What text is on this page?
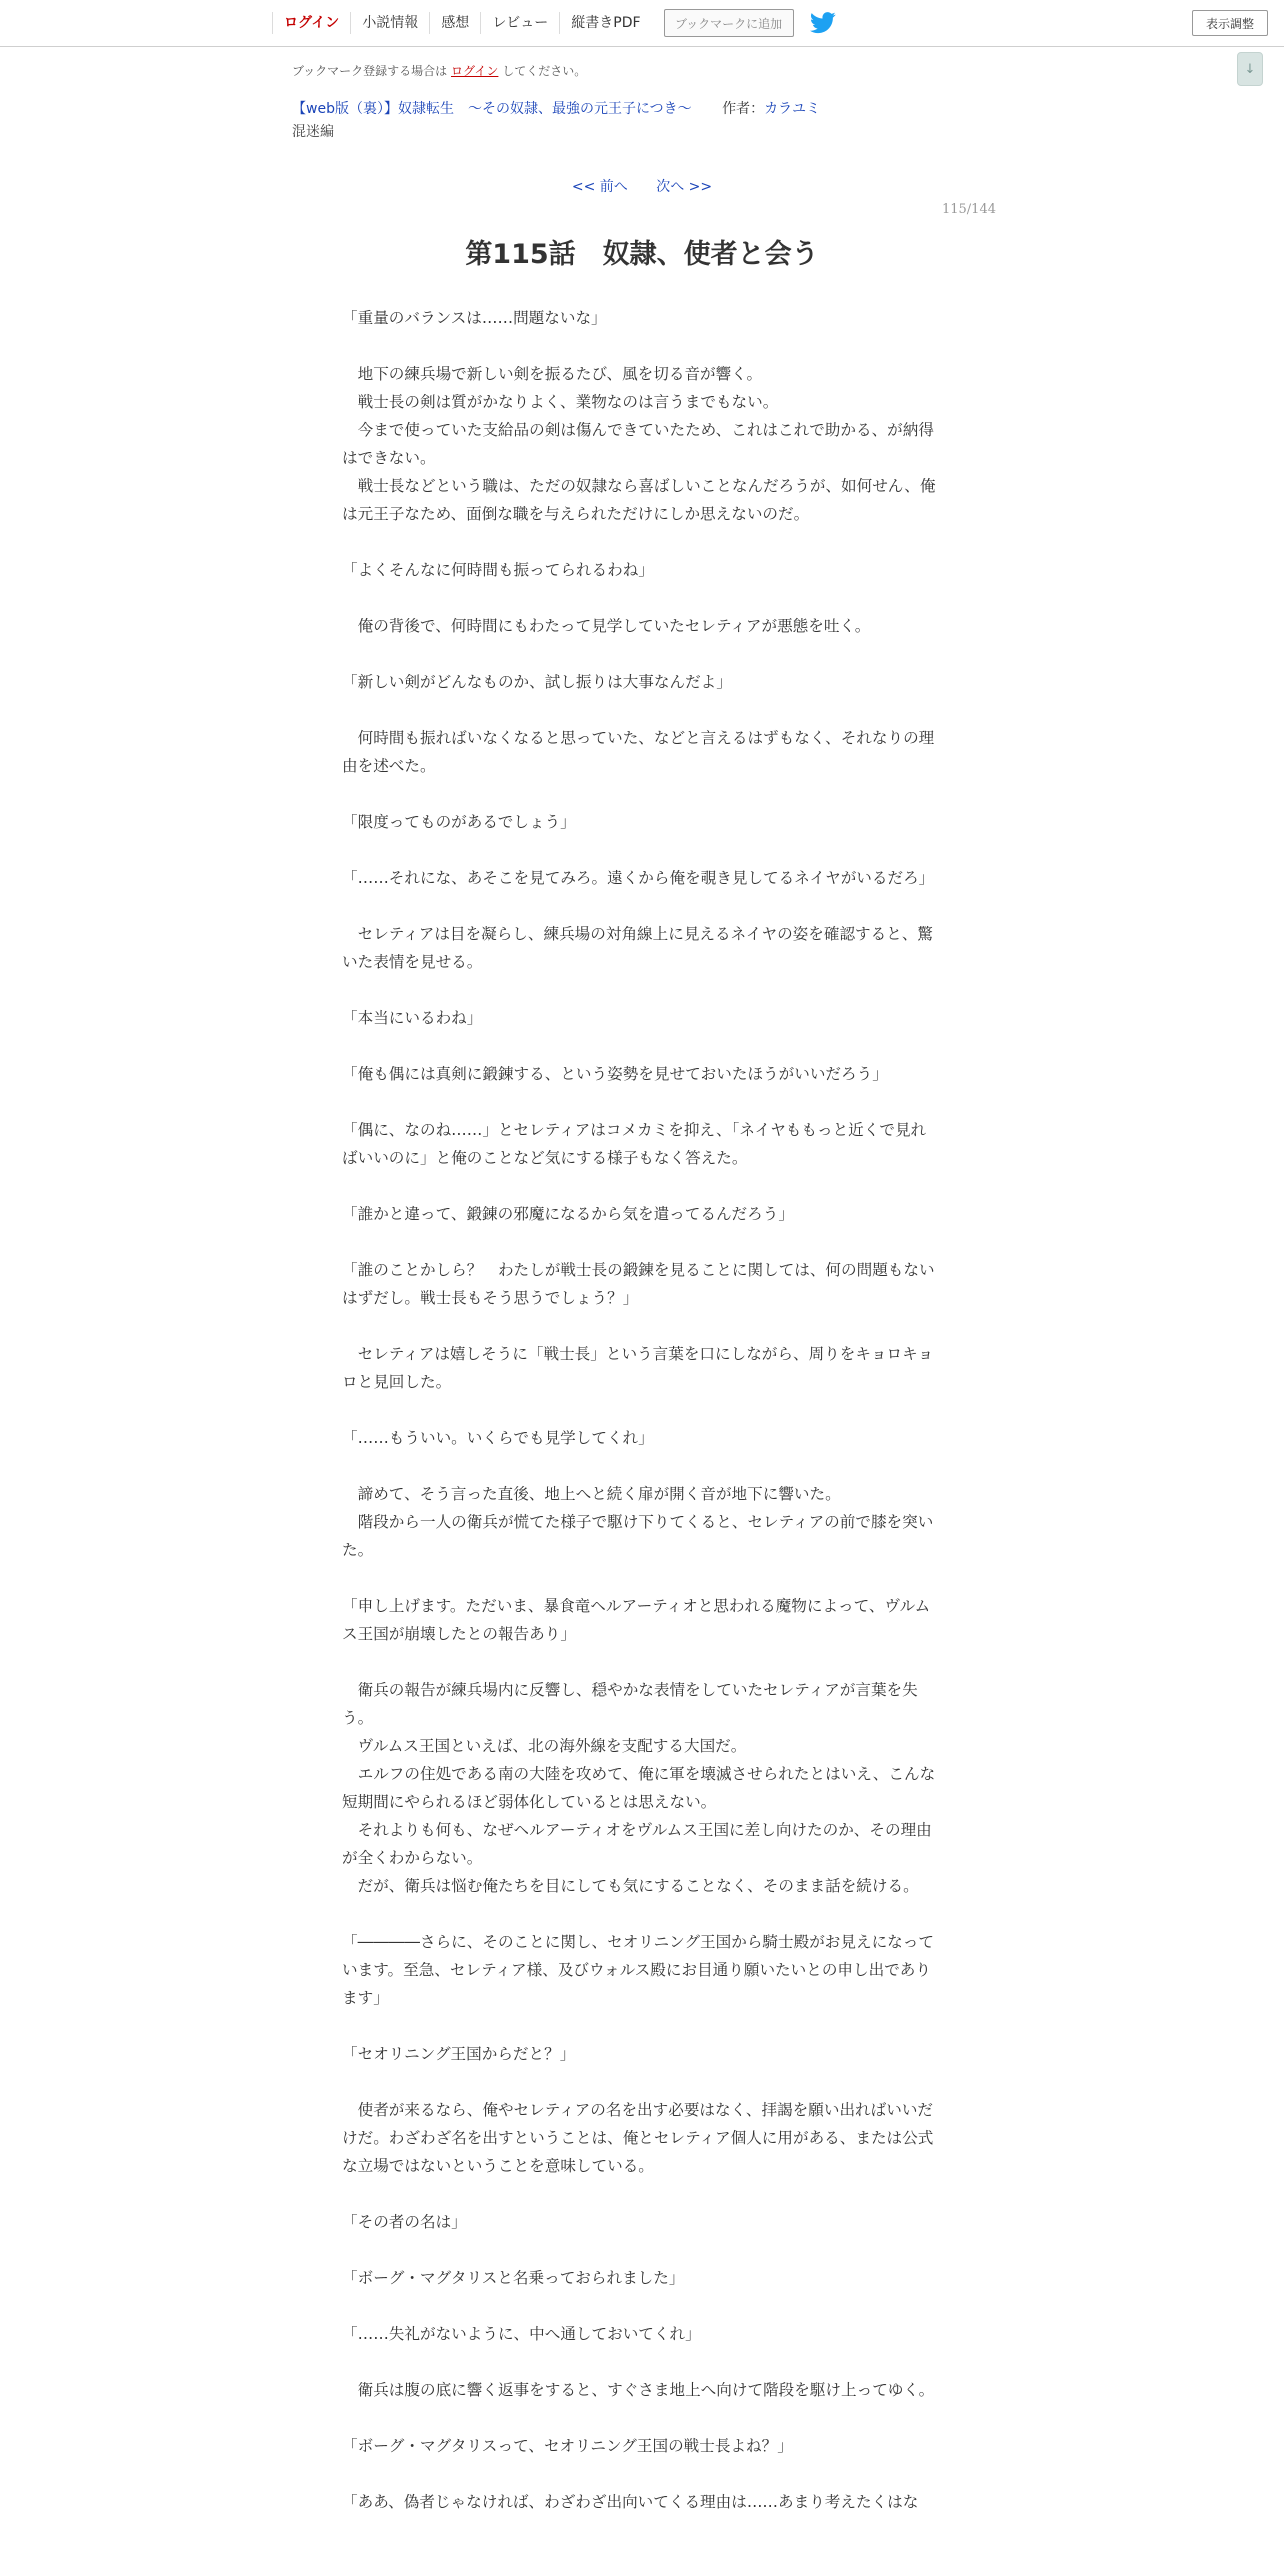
ログイン	小説情報	感想	レビュー	縦書きPDF	ブックマークに追加	表示調整
↓
ブックマーク登録する場合は ログイン してください。
【web版（裏）】奴隷転生　～その奴隷、最強の元王子につき～ 作者：カラユミ
混迷編
<< 前へ 次へ >>
115/144
第115話　奴隷、使者と会う

「重量のバランスは……問題ないな」

　地下の練兵場で新しい剣を振るたび、風を切る音が響く。

　戦士長の剣は質がかなりよく、業物なのは言うまでもない。

　今まで使っていた支給品の剣は傷んできていたため、これはこれで助かる、が納得はできない。

　戦士長などという職は、ただの奴隷なら喜ばしいことなんだろうが、如何せん、俺は元王子なため、面倒な職を与えられただけにしか思えないのだ。

「よくそんなに何時間も振ってられるわね」

　俺の背後で、何時間にもわたって見学していたセレティアが悪態を吐く。

「新しい剣がどんなものか、試し振りは大事なんだよ」

　何時間も振ればいなくなると思っていた、などと言えるはずもなく、それなりの理由を述べた。

「限度ってものがあるでしょう」

「……それにな、あそこを見てみろ。遠くから俺を覗き見してるネイヤがいるだろ」

　セレティアは目を凝らし、練兵場の対角線上に見えるネイヤの姿を確認すると、驚いた表情を見せる。

「本当にいるわね」

「俺も偶には真剣に鍛錬する、という姿勢を見せておいたほうがいいだろう」

「偶に、なのね……」とセレティアはコメカミを抑え、「ネイヤももっと近くで見ればいいのに」と俺のことなど気にする様子もなく答えた。

「誰かと違って、鍛錬の邪魔になるから気を遣ってるんだろう」

「誰のことかしら？　わたしが戦士長の鍛錬を見ることに関しては、何の問題もないはずだし。戦士長もそう思うでしょう？」

　セレティアは嬉しそうに「戦士長」という言葉を口にしながら、周りをキョロキョロと見回した。

「……もういい。いくらでも見学してくれ」

　諦めて、そう言った直後、地上へと続く扉が開く音が地下に響いた。

　階段から一人の衛兵が慌てた様子で駆け下りてくると、セレティアの前で膝を突いた。

「申し上げます。ただいま、暴食竜ヘルアーティオと思われる魔物によって、ヴルムス王国が崩壊したとの報告あり」

　衛兵の報告が練兵場内に反響し、穏やかな表情をしていたセレティアが言葉を失う。

　ヴルムス王国といえば、北の海外線を支配する大国だ。

　エルフの住処である南の大陸を攻めて、俺に軍を壊滅させられたとはいえ、こんな短期間にやられるほど弱体化しているとは思えない。

　それよりも何も、なぜヘルアーティオをヴルムス王国に差し向けたのか、その理由が全くわからない。

　だが、衛兵は悩む俺たちを目にしても気にすることなく、そのまま話を続ける。

「――――さらに、そのことに関し、セオリニング王国から騎士殿がお見えになっています。至急、セレティア様、及びウォルス殿にお目通り願いたいとの申し出であります」

「セオリニング王国からだと？」

　使者が来るなら、俺やセレティアの名を出す必要はなく、拝謁を願い出ればいいだけだ。わざわざ名を出すということは、俺とセレティア個人に用がある、または公式な立場ではないということを意味している。

「その者の名は」

「ボーグ・マグタリスと名乗っておられました」

「……失礼がないように、中へ通しておいてくれ」

　衛兵は腹の底に響く返事をすると、すぐさま地上へ向けて階段を駆け上ってゆく。

「ボーグ・マグタリスって、セオリニング王国の戦士長よね？」

「ああ、偽者じゃなければ、わざわざ出向いてくる理由は……あまり考えたくはな
